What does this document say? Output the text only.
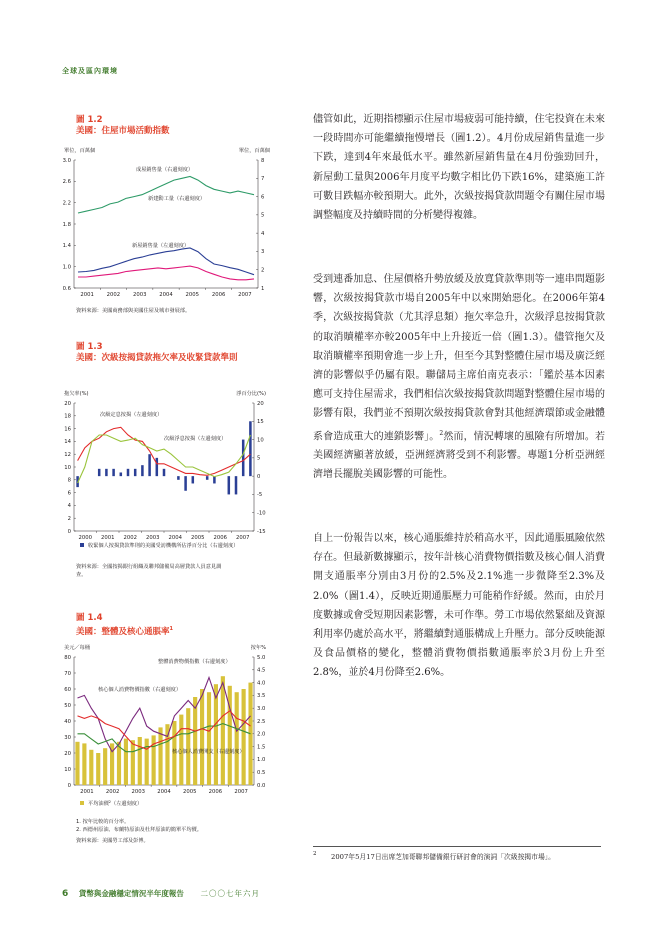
全球及區內環境
圖 1.2
美國：住屋市場活動指數
單位，百萬個	單位，百萬個
0.6
1.0
1.4
1.8
2.2
2.6
3.0
1
2
3
4
5
6
7
8
2001 2002 2003 2004 2005 2006 2007
成屋銷售量（右邊刻度）
新建動工量（右邊刻度）
新屋銷售量（左邊刻度）
資料來源：美國商務部與美國住屋及城市發展部。
圖 1.3
美國：次級按揭貸款拖欠率及收緊貸款準則
拖欠率(%)	淨百分比(%)
0
2
4
6
8
10
12
14
16
18
20
-15
-10
-5
0
5
10
15
20
2000 2001 2002 2003 2004 2005 2006 2007
次級定息按揭（左邊刻度）
次級浮息按揭（左邊刻度）
收緊個人按揭貸款準則的美國受訪機構所佔淨百分比（右邊刻度）
資料來源：全國按揭銀行組織及聯邦儲備局高層貸款人員意見調查。
圖 1.4
美國：整體及核心通脹率$^1$
美元／每桶	按年%
0
10
20
30
40
50
60
70
80
0.0
0.5
1.0
1.5
2.0
2.5
3.0
3.5
4.0
4.5
5.0
2001 2002 2003 2004 2005 2006 2007
整體消費物價指數（右邊刻度）
核心個人消費物價指數（右邊刻度）
核心個人消費開支（右邊刻度）
平均油價$^2$（左邊刻度）
1. 按年比較的百分率。
2. 西德州原油、布蘭特原油及杜拜原油的簡單平均價。
資料來源：美國勞工部及彭博。
儘管如此，近期指標顯示住屋市場疲弱可能持續，住宅投資在未來一段時間亦可能繼續拖慢增長（圖1.2）。4月份成屋銷售量進一步下跌，達到4年來最低水平。雖然新屋銷售量在4月份強勁回升，新屋動工量與2006年月度平均數字相比仍下跌16%，建築施工許可數目跌幅亦較預期大。此外，次級按揭貸款問題令有關住屋市場調整幅度及持續時間的分析變得複雜。
受到連番加息、住屋價格升勢放緩及放寬貸款準則等一連串問題影響，次級按揭貸款市場自2005年中以來開始惡化。在2006年第4季，次級按揭貸款（尤其浮息類）拖欠率急升，次級浮息按揭貸款的取消贖權率亦較2005年中上升接近一倍（圖1.3）。儘管拖欠及取消贖權率預期會進一步上升，但至今其對整體住屋市場及廣泛經濟的影響似乎仍屬有限。聯儲局主席伯南克表示：「鑑於基本因素應可支持住屋需求，我們相信次級按揭貸款問題對整體住屋市場的影響有限，我們並不預期次級按揭貸款會對其他經濟環節或金融體系會造成重大的連鎖影響」。$^2$然而，情況轉壞的風險有所增加。若美國經濟顯著放緩，亞洲經濟將受到不利影響。專題1分析亞洲經濟增長擺脫美國影響的可能性。
自上一份報告以來，核心通脹維持於稍高水平，因此通脹風險依然存在。但最新數據顯示，按年計核心消費物價指數及核心個人消費開支通脹率分別由3月份的2.5%及2.1%進一步微降至2.3%及2.0%（圖1.4），反映近期通脹壓力可能稍作紓緩。然而，由於月度數據或會受短期因素影響，未可作準。勞工市場依然緊絀及資源利用率仍處於高水平，將繼續對通脹構成上升壓力。部分反映能源及食品價格的變化，整體消費物價指數通脹率於3月份上升至2.8%，並於4月份降至2.6%。
2 2007年5月17日出席芝加哥聯邦儲備銀行研討會的演詞「次級按揭市場」。
6 貨幣與金融穩定情況半年度報告 二〇〇七年六月
